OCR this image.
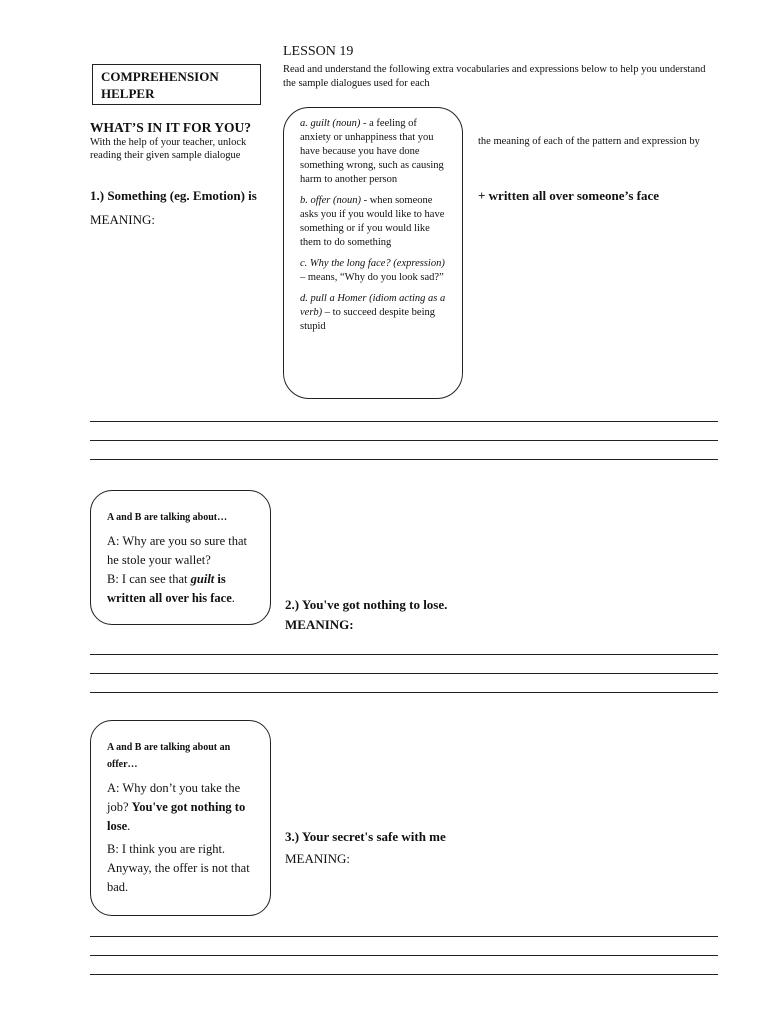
LESSON 19
Read and understand the following extra vocabularies and expressions below to help you understand the sample dialogues used for each
COMPREHENSION HELPER
WHAT’S IN IT FOR YOU?
With the help of your teacher, unlock reading their given sample dialogue
the meaning of each of the pattern and expression by
a. guilt (noun) - a feeling of anxiety or unhappiness that you have because you have done something wrong, such as causing harm to another person
b. offer (noun) - when someone asks you if you would like to have something or if you would like them to do something
c. Why the long face? (expression) – means, “Why do you look sad?”
d. pull a Homer (idiom acting as a verb) – to succeed despite being stupid
1.) Something (eg. Emotion) is	+ written all over someone’s face
MEANING:
A and B are talking about…
A: Why are you so sure that he stole your wallet?
B: I can see that guilt is written all over his face.	2.) You've got nothing to lose.
MEANING:
A and B are talking about an offer…
A: Why don’t you take the job? You've got nothing to lose.
B: I think you are right. Anyway, the offer is not that bad.
3.) Your secret's safe with me
MEANING:
